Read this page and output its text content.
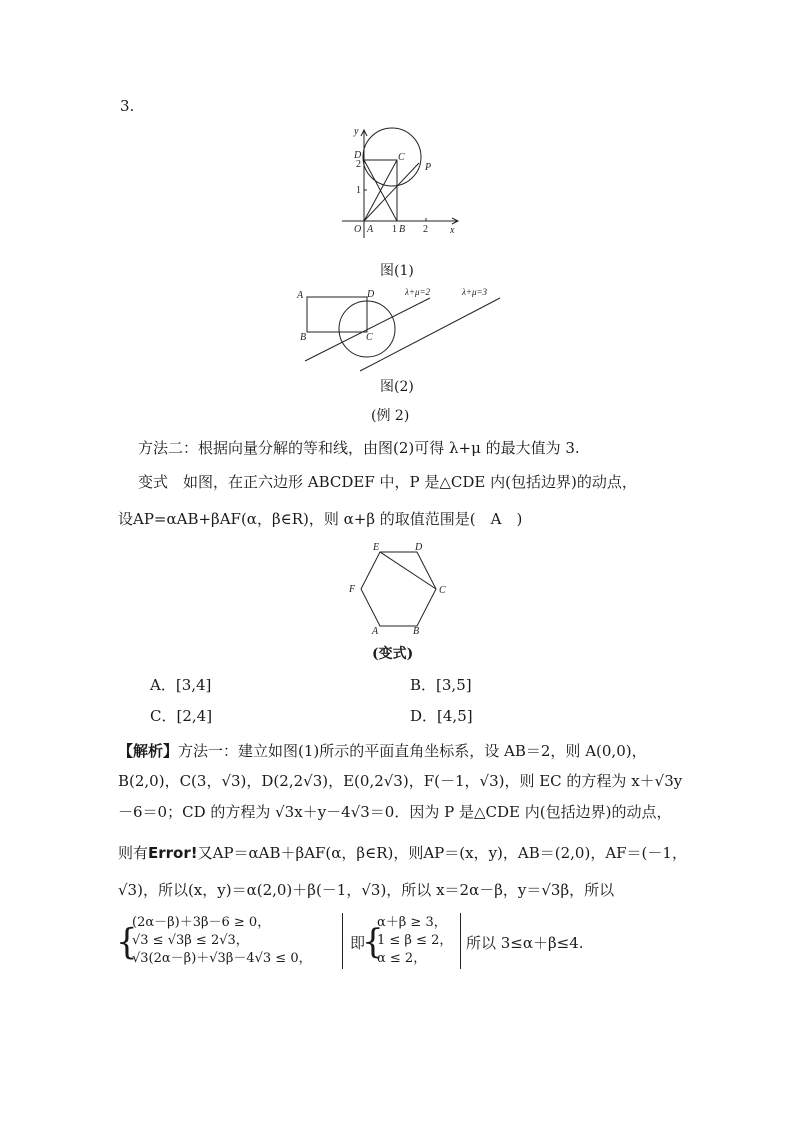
3.
y
x
O A	B
C
D
P
1	2
1
2
图(1)
A
B	C
D	λ+μ=2	λ+μ=3
图(2)
(例 2)
方法二：根据向量分解的等和线，由图(2)可得 λ+μ 的最大值为 3.
变式　如图，在正六边形 ABCDEF 中，P 是△CDE 内(包括边界)的动点，
设AP=αAB+βAF(α，β∈R)，则 α+β 的取值范围是(　A　)
A	B
C
D
E
F
(变式)
A．[3,4]	B．[3,5]
C．[2,4]	D．[4,5]
【解析】方法一：建立如图(1)所示的平面直角坐标系，设 AB＝2，则 A(0,0)，
B(2,0)，C(3，√3)，D(2,2√3)，E(0,2√3)，F(－1，√3)，则 EC 的方程为 x＋√3y
－6＝0；CD 的方程为 √3x＋y－4√3＝0．因为 P 是△CDE 内(包括边界)的动点，
则有Error!又AP＝αAB＋βAF(α，β∈R)，则AP＝(x，y)，AB＝(2,0)，AF＝(－1，
√3)，所以(x，y)＝α(2,0)＋β(－1，√3)，所以 x＝2α－β，y＝√3β，所以
{
(2α－β)＋3β－6 ≥ 0，
√3 ≤ √3β ≤ 2√3，
√3(2α－β)＋√3β－4√3 ≤ 0，
即
{
α＋β ≥ 3，
1 ≤ β ≤ 2，
α ≤ 2，
所以 3≤α＋β≤4.
